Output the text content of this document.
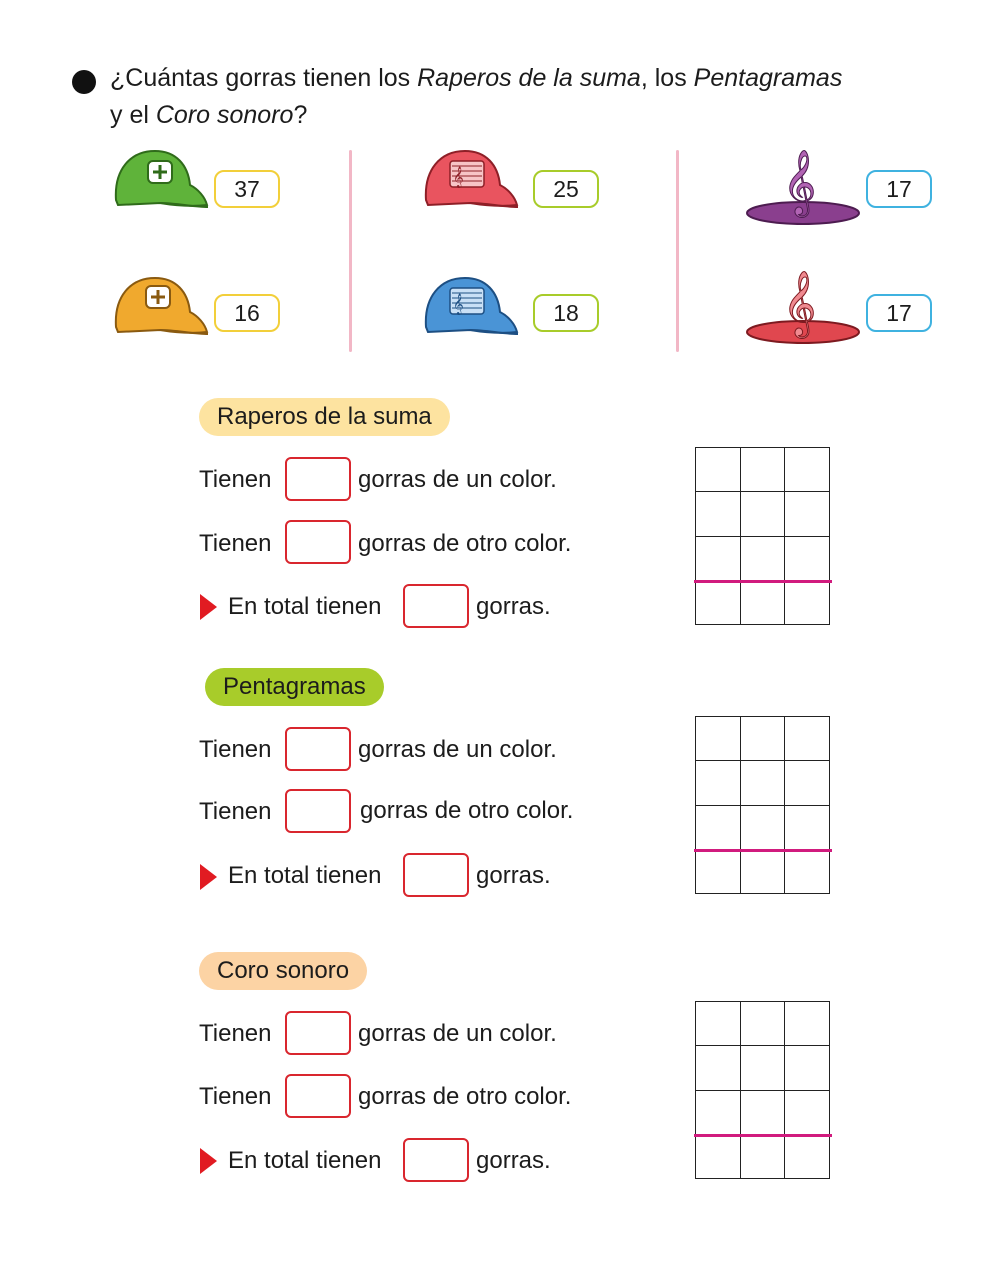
¿Cuántas gorras tienen los Raperos de la suma, los Pentagramas
y el Coro sonoro?
37
16
𝄞	25
𝄞	18
𝄞	17
𝄞	17
Raperos de la suma
Tienen	gorras de un color.
Tienen	gorras de otro color.
En total tienen	gorras.
Pentagramas
Tienen	gorras de un color.
Tienen	gorras de otro color.
En total tienen	gorras.
Coro sonoro
Tienen	gorras de un color.
Tienen	gorras de otro color.
En total tienen	gorras.
